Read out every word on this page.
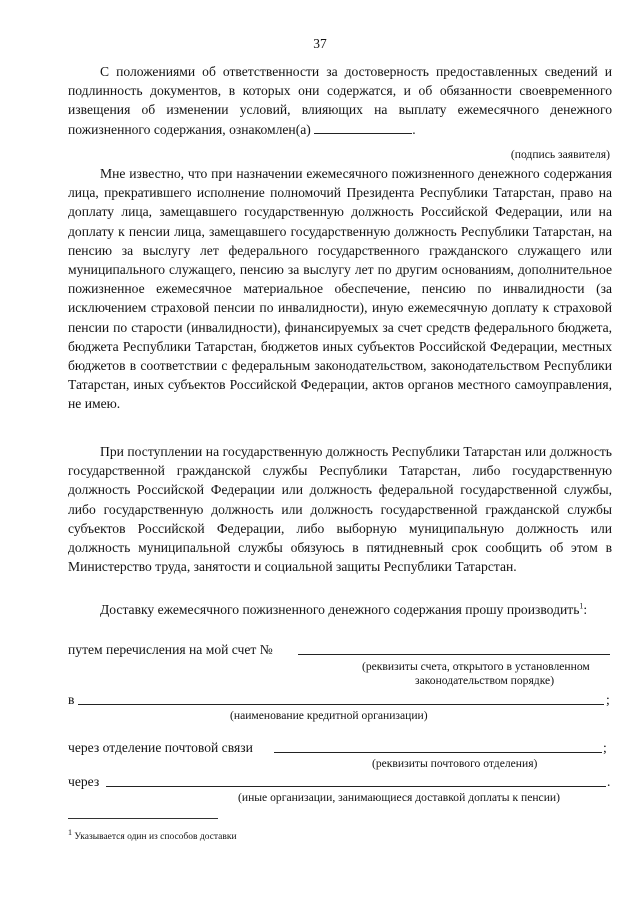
37
С положениями об ответственности за достоверность предоставленных сведений и подлинность документов, в которых они содержатся, и об обязанности своевременного извещения об изменении условий, влияющих на выплату ежемесячного денежного пожизненного содержания, ознакомлен(а)	.
(подпись заявителя)
Мне известно, что при назначении ежемесячного пожизненного денежного содержания лица, прекратившего исполнение полномочий Президента Республики Татарстан, право на доплату лица, замещавшего государственную должность Российской Федерации, или на доплату к пенсии лица, замещавшего государственную должность Республики Татарстан, на пенсию за выслугу лет федерального государственного гражданского служащего или муниципального служащего, пенсию за выслугу лет по другим основаниям, дополнительное пожизненное ежемесячное материальное обеспечение, пенсию по инвалидности (за исключением страховой пенсии по инвалидности), иную ежемесячную доплату к страховой пенсии по старости (инвалидности), финансируемых за счет средств федерального бюджета, бюджета Республики Татарстан, бюджетов иных субъектов Российской Федерации, местных бюджетов в соответствии с федеральным законодательством, законодательством Республики Татарстан, иных субъектов Российской Федерации, актов органов местного самоуправления, не имею.
При поступлении на государственную должность Республики Татарстан или должность государственной гражданской службы Республики Татарстан, либо государственную должность Российской Федерации или должность федеральной государственной службы, либо государственную должность или должность государственной гражданской службы субъектов Российской Федерации, либо выборную муниципальную должность или должность муниципальной службы обязуюсь в пятидневный срок сообщить об этом в Министерство труда, занятости и социальной защиты Республики Татарстан.
Доставку ежемесячного пожизненного денежного содержания прошу производить$^1$:
путем перечисления на мой счет №
(реквизиты счета, открытого в установленном
законодательством порядке)
в	;
(наименование кредитной организации)
через отделение почтовой связи	;
(реквизиты почтового отделения)
через	.
(иные организации, занимающиеся доставкой доплаты к пенсии)
$^1$ Указывается один из способов доставки
